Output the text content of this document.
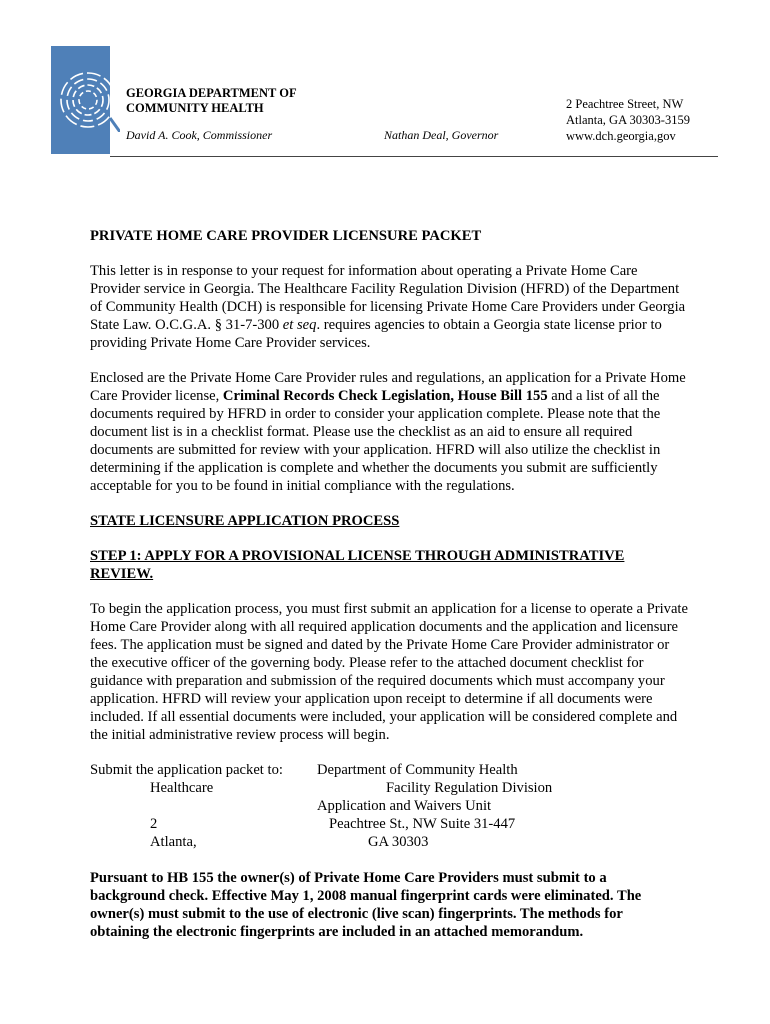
GEORGIA DEPARTMENT OF
COMMUNITY HEALTH
David A. Cook, Commissioner	Nathan Deal, Governor
2 Peachtree Street, NW
Atlanta, GA 30303-3159
www.dch.georgia,gov
PRIVATE HOME CARE PROVIDER LICENSURE PACKET

This letter is in response to your request for information about operating a Private Home Care Provider service in Georgia. The Healthcare Facility Regulation Division (HFRD) of the Department of Community Health (DCH) is responsible for licensing Private Home Care Providers under Georgia State Law. O.C.G.A. § 31-7-300 et seq. requires agencies to obtain a Georgia state license prior to providing Private Home Care Provider services.

Enclosed are the Private Home Care Provider rules and regulations, an application for a Private Home Care Provider license, Criminal Records Check Legislation, House Bill 155 and a list of all the documents required by HFRD in order to consider your application complete. Please note that the document list is in a checklist format. Please use the checklist as an aid to ensure all required documents are submitted for review with your application. HFRD will also utilize the checklist in determining if the application is complete and whether the documents you submit are sufficiently acceptable for you to be found in initial compliance with the regulations.

STATE LICENSURE APPLICATION PROCESS
STEP 1: APPLY FOR A PROVISIONAL LICENSE THROUGH ADMINISTRATIVE REVIEW.

To begin the application process, you must first submit an application for a license to operate a Private Home Care Provider along with all required application documents and the application and licensure fees. The application must be signed and dated by the Private Home Care Provider administrator or the executive officer of the governing body. Please refer to the attached document checklist for guidance with preparation and submission of the required documents which must accompany your application. HFRD will review your application upon receipt to determine if all documents were included. If all essential documents were included, your application will be considered complete and the initial administrative review process will begin.

Submit the application packet to:
Healthcare
2
Atlanta,
Department of Community Health
Facility Regulation Division
Application and Waivers Unit
Peachtree St., NW Suite 31-447
GA 30303

Pursuant to HB 155 the owner(s) of Private Home Care Providers must submit to a background check. Effective May 1, 2008 manual fingerprint cards were eliminated. The owner(s) must submit to the use of electronic (live scan) fingerprints. The methods for obtaining the electronic fingerprints are included in an attached memorandum.
